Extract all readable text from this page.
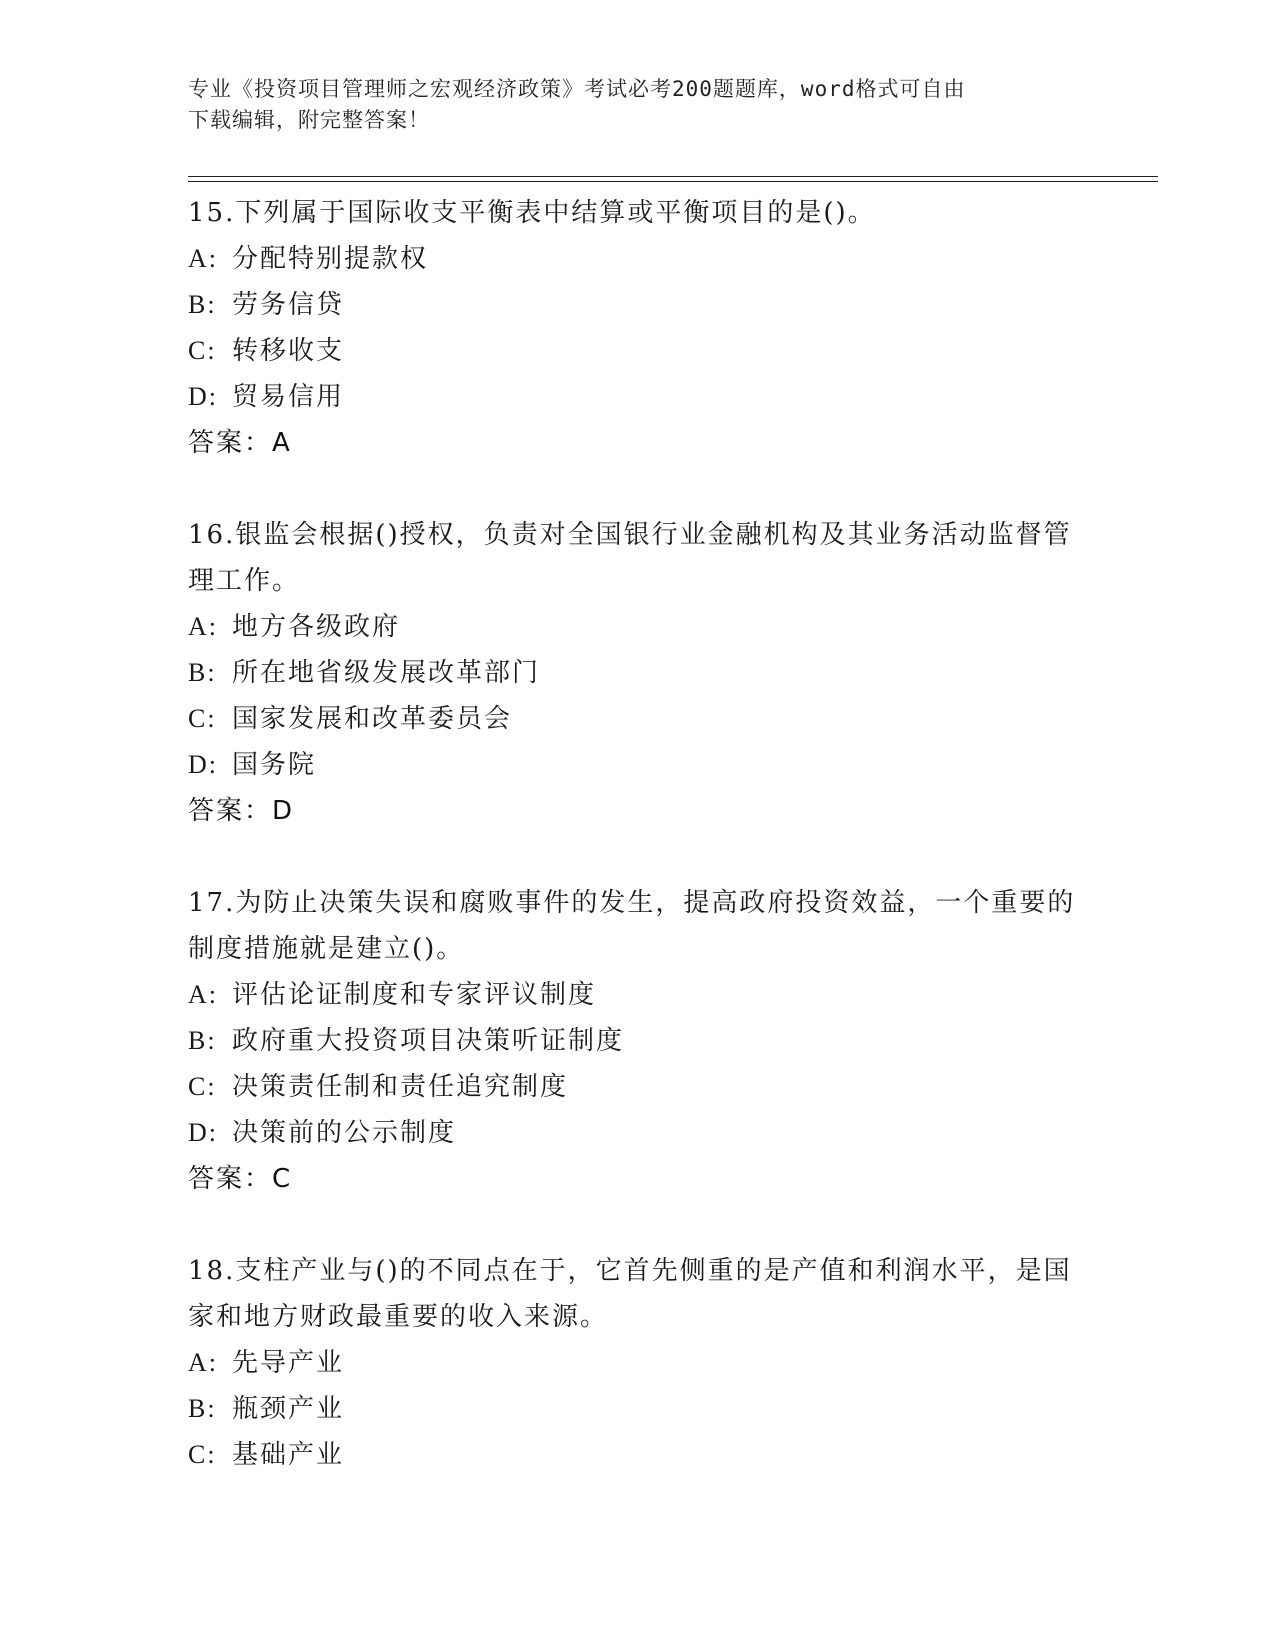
专业《投资项目管理师之宏观经济政策》考试必考200题题库，word格式可自由
下载编辑，附完整答案！
15.下列属于国际收支平衡表中结算或平衡项目的是()。
A: 分配特别提款权
B: 劳务信贷
C: 转移收支
D: 贸易信用
答案：A
16.银监会根据()授权，负责对全国银行业金融机构及其业务活动监督管理工作。
A: 地方各级政府
B: 所在地省级发展改革部门
C: 国家发展和改革委员会
D: 国务院
答案：D
17.为防止决策失误和腐败事件的发生，提高政府投资效益，一个重要的制度措施就是建立()。
A: 评估论证制度和专家评议制度
B: 政府重大投资项目决策听证制度
C: 决策责任制和责任追究制度
D: 决策前的公示制度
答案：C
18.支柱产业与()的不同点在于，它首先侧重的是产值和利润水平，是国家和地方财政最重要的收入来源。
A: 先导产业
B: 瓶颈产业
C: 基础产业
